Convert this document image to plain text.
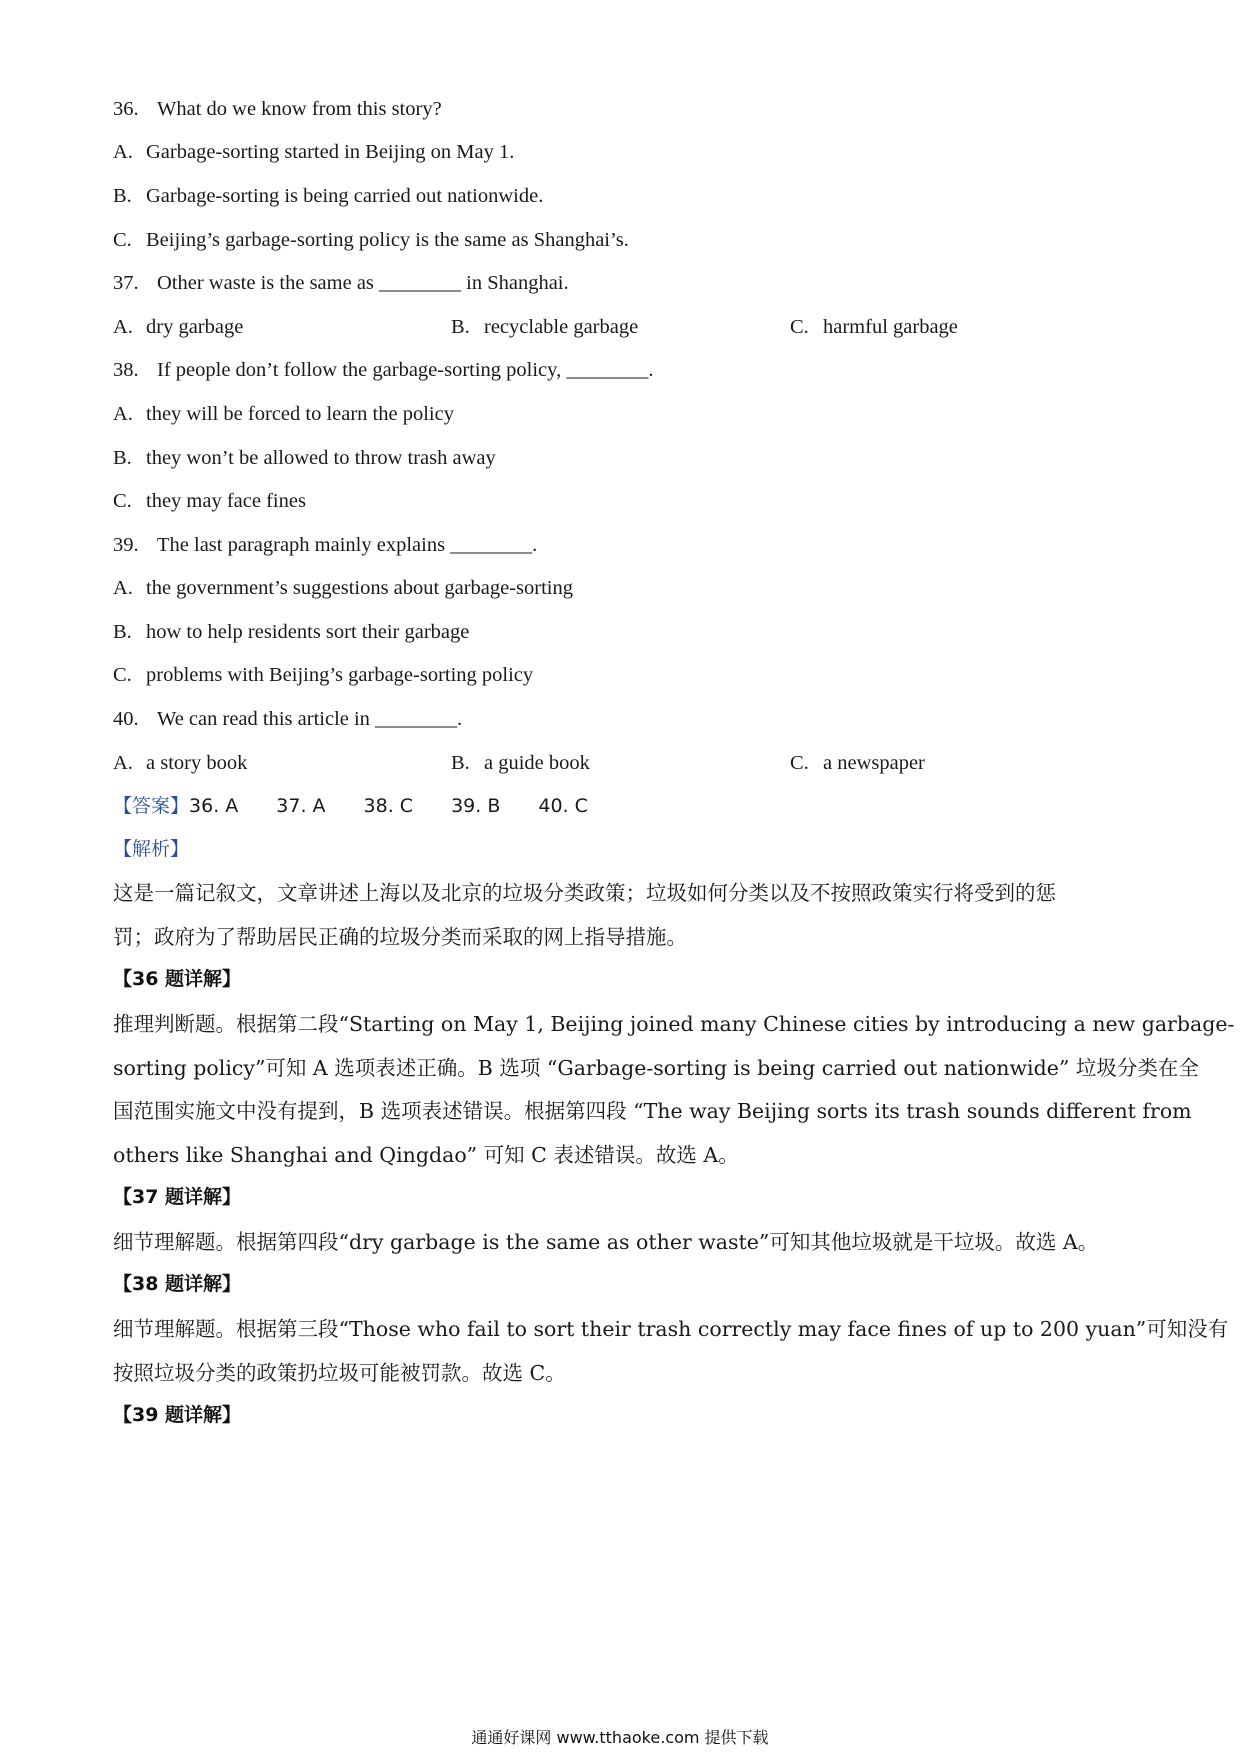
36. What do we know from this story?
A. Garbage-sorting started in Beijing on May 1.
B. Garbage-sorting is being carried out nationwide.
C. Beijing’s garbage-sorting policy is the same as Shanghai’s.
37. Other waste is the same as ________ in Shanghai.
A. dry garbage	B. recyclable garbage	C. harmful garbage
38. If people don’t follow the garbage-sorting policy, ________.
A. they will be forced to learn the policy
B. they won’t be allowed to throw trash away
C. they may face fines
39. The last paragraph mainly explains ________.
A. the government’s suggestions about garbage-sorting
B. how to help residents sort their garbage
C. problems with Beijing’s garbage-sorting policy
40. We can read this article in ________.
A. a story book	B. a guide book	C. a newspaper
【答案】36. A 37. A 38. C 39. B 40. C
【解析】
这是一篇记叙文，文章讲述上海以及北京的垃圾分类政策；垃圾如何分类以及不按照政策实行将受到的惩
罚；政府为了帮助居民正确的垃圾分类而采取的网上指导措施。
【36 题详解】
推理判断题。根据第二段“Starting on May 1, Beijing joined many Chinese cities by introducing a new garbage-
sorting policy”可知 A 选项表述正确。B 选项 “Garbage-sorting is being carried out nationwide” 垃圾分类在全
国范围实施文中没有提到，B 选项表述错误。根据第四段 “The way Beijing sorts its trash sounds different from
others like Shanghai and Qingdao” 可知 C 表述错误。故选 A。
【37 题详解】
细节理解题。根据第四段“dry garbage is the same as other waste”可知其他垃圾就是干垃圾。故选 A。
【38 题详解】
细节理解题。根据第三段“Those who fail to sort their trash correctly may face fines of up to 200 yuan”可知没有
按照垃圾分类的政策扔垃圾可能被罚款。故选 C。
【39 题详解】
通通好课网 www.tthaoke.com 提供下载
